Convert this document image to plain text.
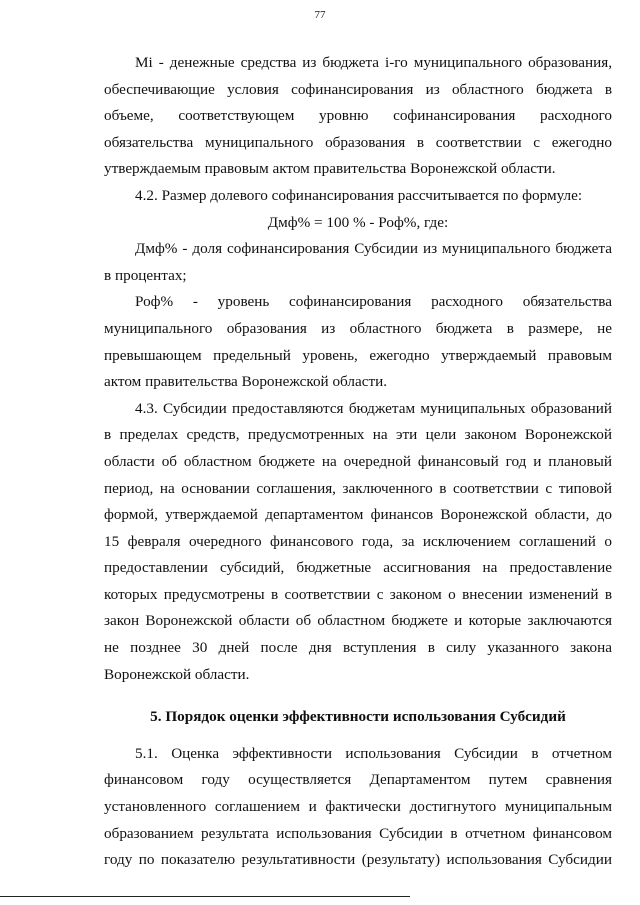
77
Mi - денежные средства из бюджета i-го муниципального образования,
обеспечивающие условия софинансирования из областного бюджета в
объеме, соответствующем уровню софинансирования расходного
обязательства муниципального образования в соответствии с ежегодно
утверждаемым правовым актом правительства Воронежской области.
4.2. Размер долевого софинансирования рассчитывается по формуле:
Дмф% = 100 % - Роф%, где:
Дмф% - доля софинансирования Субсидии из муниципального бюджета
в процентах;
Роф% - уровень софинансирования расходного обязательства
муниципального образования из областного бюджета в размере, не
превышающем предельный уровень, ежегодно утверждаемый правовым
актом правительства Воронежской области.
4.3. Субсидии предоставляются бюджетам муниципальных образований
в пределах средств, предусмотренных на эти цели законом Воронежской
области об областном бюджете на очередной финансовый год и плановый
период, на основании соглашения, заключенного в соответствии с типовой
формой, утверждаемой департаментом финансов Воронежской области, до
15 февраля очередного финансового года, за исключением соглашений о
предоставлении субсидий, бюджетные ассигнования на предоставление
которых предусмотрены в соответствии с законом о внесении изменений в
закон Воронежской области об областном бюджете и которые заключаются
не позднее 30 дней после дня вступления в силу указанного закона
Воронежской области.
5. Порядок оценки эффективности использования Субсидий
5.1. Оценка эффективности использования Субсидии в отчетном
финансовом году осуществляется Департаментом путем сравнения
установленного соглашением и фактически достигнутого муниципальным
образованием результата использования Субсидии в отчетном финансовом
году по показателю результативности (результату) использования Субсидии
